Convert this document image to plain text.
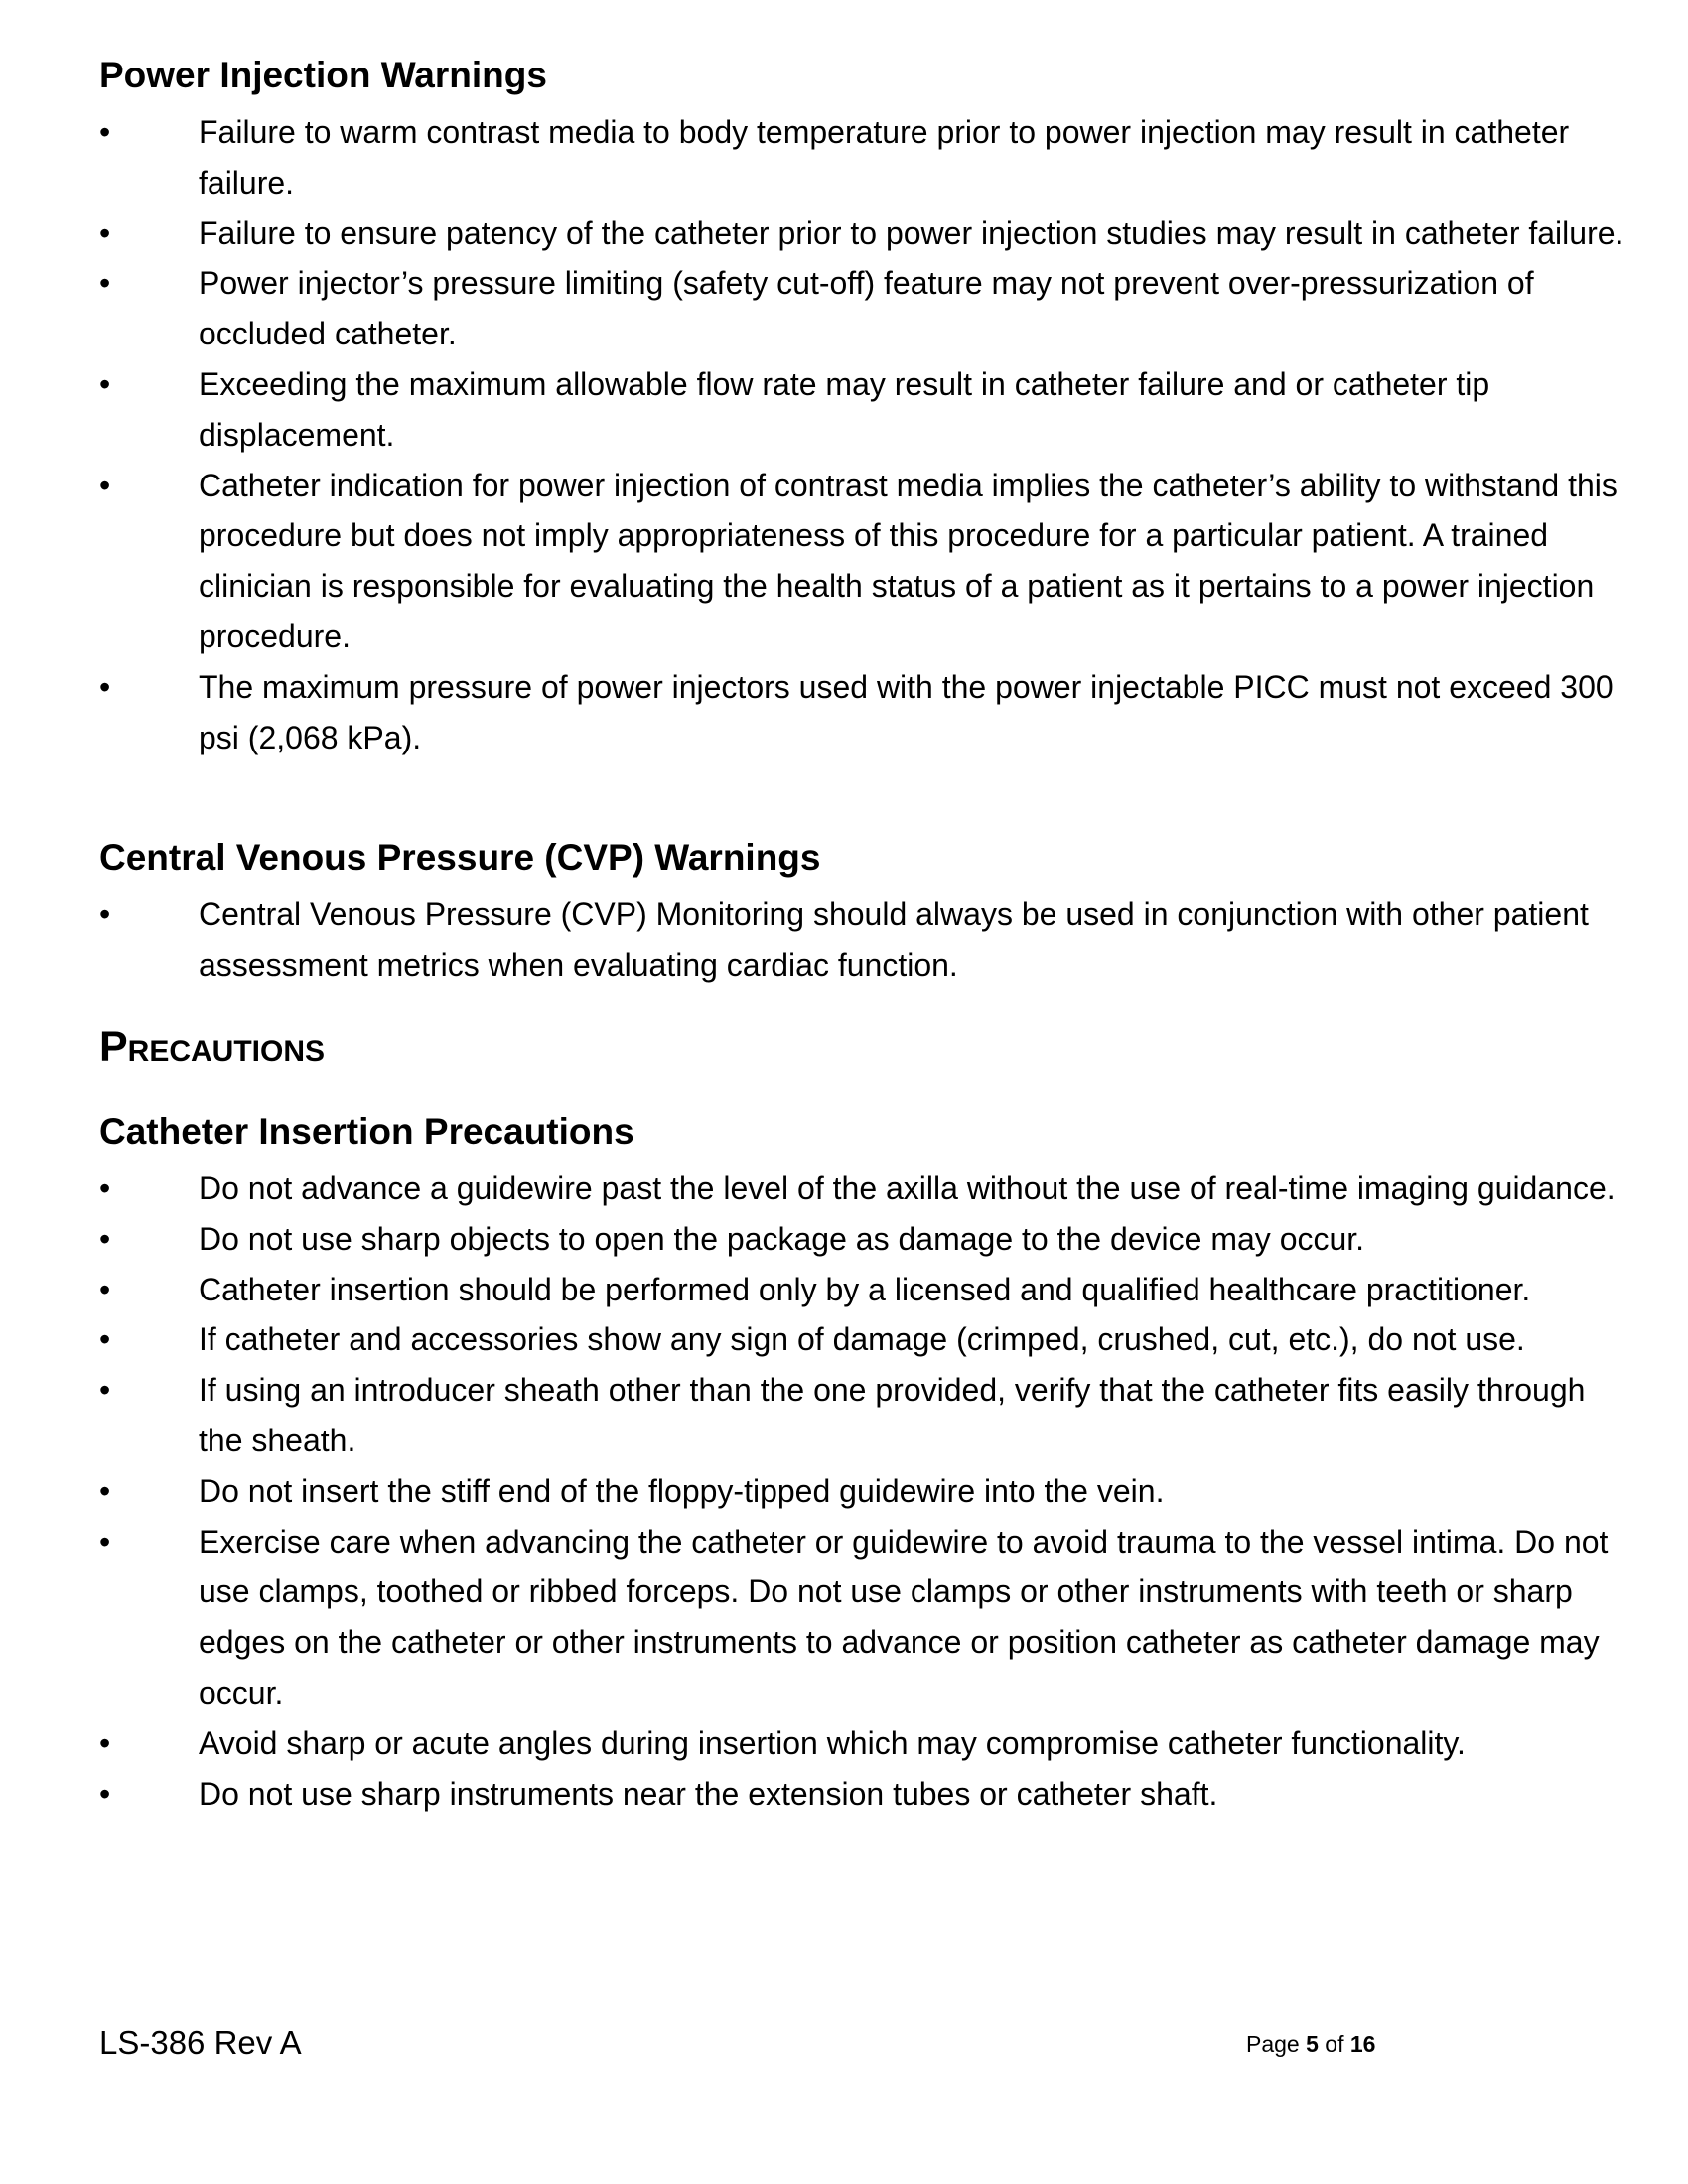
Power Injection Warnings
•	Failure to warm contrast media to body temperature prior to power injection may result in catheter failure.
•	Failure to ensure patency of the catheter prior to power injection studies may result in catheter failure.
•	Power injector’s pressure limiting (safety cut-off) feature may not prevent over-pressurization of occluded catheter.
•	Exceeding the maximum allowable flow rate may result in catheter failure and or catheter tip displacement.
•	Catheter indication for power injection of contrast media implies the catheter’s ability to withstand this procedure but does not imply appropriateness of this procedure for a particular patient. A trained clinician is responsible for evaluating the health status of a patient as it pertains to a power injection procedure.
•	The maximum pressure of power injectors used with the power injectable PICC must not exceed 300 psi (2,068 kPa).
Central Venous Pressure (CVP) Warnings
•	Central Venous Pressure (CVP) Monitoring should always be used in conjunction with other patient assessment metrics when evaluating cardiac function.
Precautions
Catheter Insertion Precautions
•	Do not advance a guidewire past the level of the axilla without the use of real-time imaging guidance.
•	Do not use sharp objects to open the package as damage to the device may occur.
•	Catheter insertion should be performed only by a licensed and qualified healthcare practitioner.
•	If catheter and accessories show any sign of damage (crimped, crushed, cut, etc.), do not use.
•	If using an introducer sheath other than the one provided, verify that the catheter fits easily through the sheath.
•	Do not insert the stiff end of the floppy-tipped guidewire into the vein.
•	Exercise care when advancing the catheter or guidewire to avoid trauma to the vessel intima. Do not use clamps, toothed or ribbed forceps. Do not use clamps or other instruments with teeth or sharp edges on the catheter or other instruments to advance or position catheter as catheter damage may occur.
•	Avoid sharp or acute angles during insertion which may compromise catheter functionality.
•	Do not use sharp instruments near the extension tubes or catheter shaft.
LS-386 Rev A	Page 5 of 16
